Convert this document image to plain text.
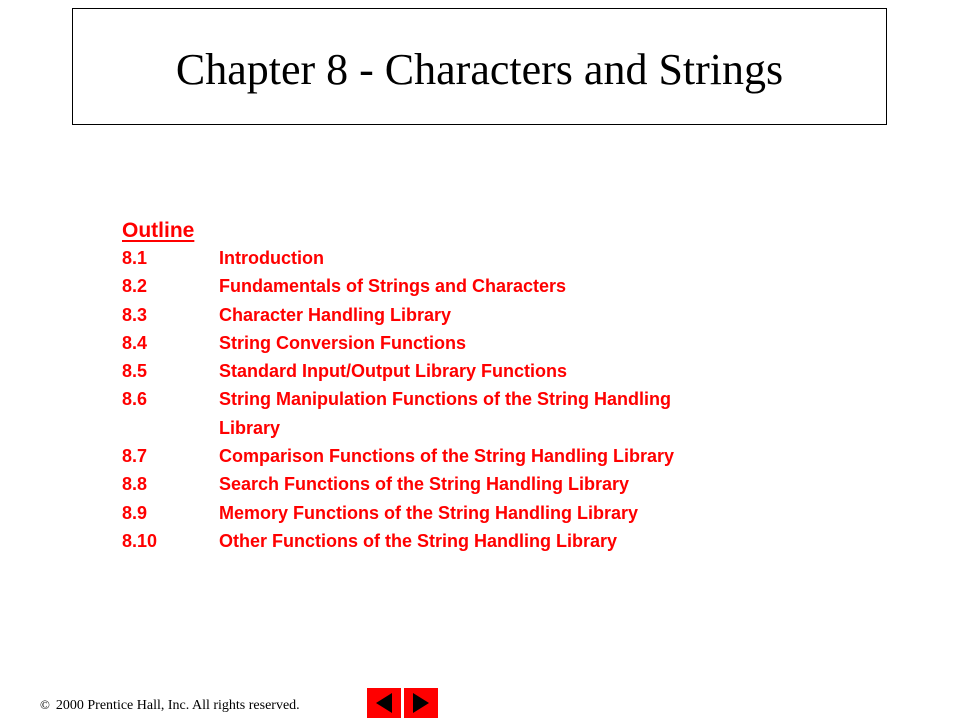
Chapter 8 - Characters and Strings
Outline
8.1	Introduction
8.2	Fundamentals of Strings and Characters
8.3	Character Handling Library
8.4	String Conversion Functions
8.5	Standard Input/Output Library Functions
8.6	String Manipulation Functions of the String Handling
Library
8.7	Comparison Functions of the String Handling Library
8.8	Search Functions of the String Handling Library
8.9	Memory Functions of the String Handling Library
8.10	Other Functions of the String Handling Library
© 2000 Prentice Hall, Inc. All rights reserved.
